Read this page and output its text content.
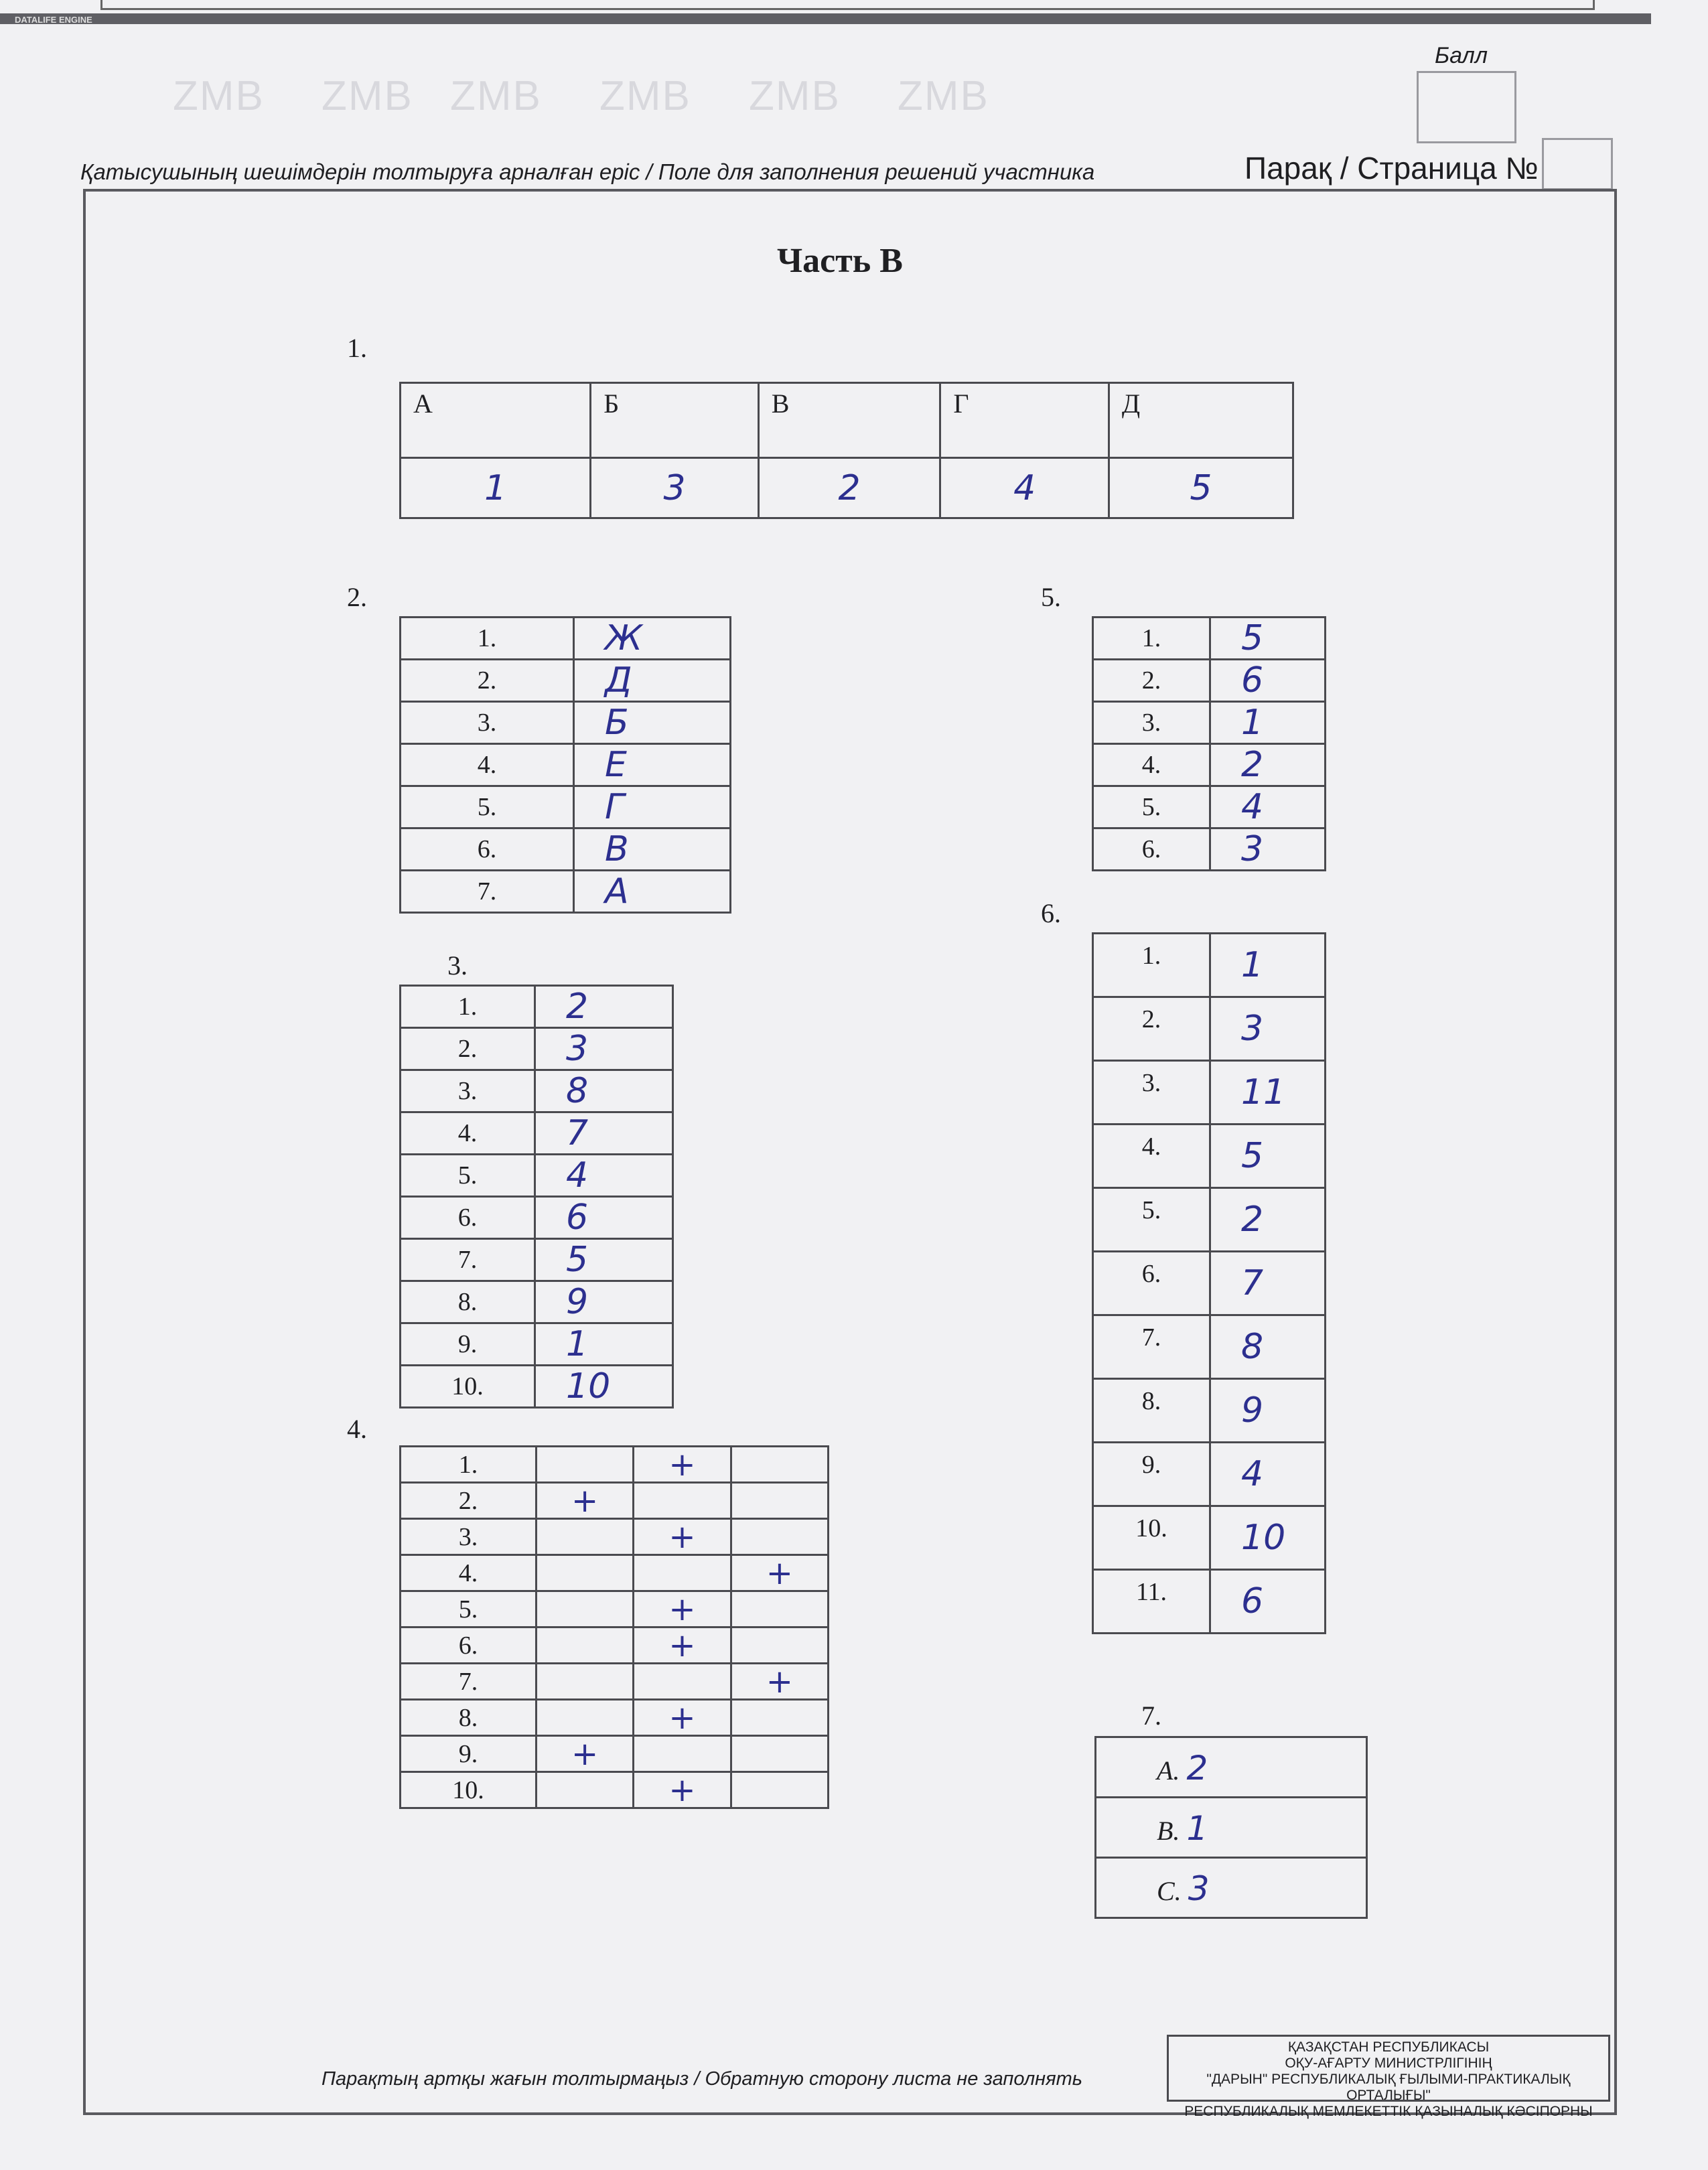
DATALIFE ENGINE
ZMB ZMB ZMB ZMB ZMB ZMB
Балл
Қатысушының шешімдерін толтыруға арналған еріс / Поле для заполнения решений участника	Парақ / Страница №
Часть В
1.
А	Б	В	Г	Д
1	3	2	4	5
2.
1.	Ж
2.	Д
3.	Б
4.	Е
5.	Г
6.	В
7.	А
3.
1.	2
2.	3
3.	8
4.	7
5.	4
6.	6
7.	5
8.	9
9.	1
10.	10
4.
1.		+	
2.	+		
3.		+	
4.			+
5.		+	
6.		+	
7.			+
8.		+	
9.	+		
10.		+	
5.
1.	5
2.	6
3.	1
4.	2
5.	4
6.	3
6.
1.	1
2.	3
3.	11
4.	5
5.	2
6.	7
7.	8
8.	9
9.	4
10.	10
11.	6
7.
A. 2
B. 1
C. 3
Парақтың артқы жағын толтырмаңыз / Обратную сторону листа не заполнять
ҚАЗАҚСТАН РЕСПУБЛИКАСЫ
ОҚУ-АҒАРТУ МИНИСТРЛІГІНІҢ
"ДАРЫН" РЕСПУБЛИКАЛЫҚ ҒЫЛЫМИ-ПРАКТИКАЛЫҚ ОРТАЛЫҒЫ"
РЕСПУБЛИКАЛЫҚ МЕМЛЕКЕТТІК ҚАЗЫНАЛЫҚ КӘСІПОРНЫ
